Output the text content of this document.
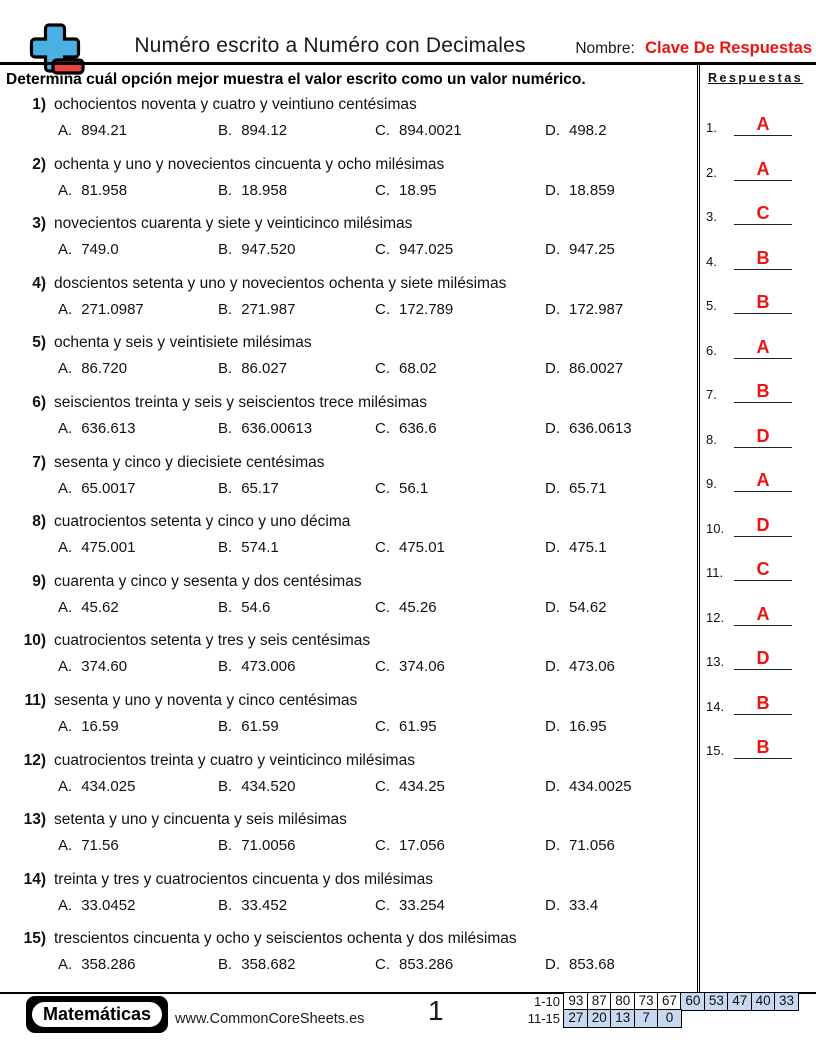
Numéro escrito a Numéro con Decimales	Nombre: Clave De Respuestas
Determina cuál opción mejor muestra el valor escrito como un valor numérico.
1) ochocientos noventa y cuatro y veintiuno centésimas
A. 894.21	B. 894.12	C. 894.0021	D. 498.2
2) ochenta y uno y novecientos cincuenta y ocho milésimas
A. 81.958	B. 18.958	C. 18.95	D. 18.859
3) novecientos cuarenta y siete y veinticinco milésimas
A. 749.0	B. 947.520	C. 947.025	D. 947.25
4) doscientos setenta y uno y novecientos ochenta y siete milésimas
A. 271.0987	B. 271.987	C. 172.789	D. 172.987
5) ochenta y seis y veintisiete milésimas
A. 86.720	B. 86.027	C. 68.02	D. 86.0027
6) seiscientos treinta y seis y seiscientos trece milésimas
A. 636.613	B. 636.00613	C. 636.6	D. 636.0613
7) sesenta y cinco y diecisiete centésimas
A. 65.0017	B. 65.17	C. 56.1	D. 65.71
8) cuatrocientos setenta y cinco y uno décima
A. 475.001	B. 574.1	C. 475.01	D. 475.1
9) cuarenta y cinco y sesenta y dos centésimas
A. 45.62	B. 54.6	C. 45.26	D. 54.62
10) cuatrocientos setenta y tres y seis centésimas
A. 374.60	B. 473.006	C. 374.06	D. 473.06
11) sesenta y uno y noventa y cinco centésimas
A. 16.59	B. 61.59	C. 61.95	D. 16.95
12) cuatrocientos treinta y cuatro y veinticinco milésimas
A. 434.025	B. 434.520	C. 434.25	D. 434.0025
13) setenta y uno y cincuenta y seis milésimas
A. 71.56	B. 71.0056	C. 17.056	D. 71.056
14) treinta y tres y cuatrocientos cincuenta y dos milésimas
A. 33.0452	B. 33.452	C. 33.254	D. 33.4
15) trescientos cincuenta y ocho y seiscientos ochenta y dos milésimas
A. 358.286	B. 358.682	C. 853.286	D. 853.68
Respuestas
1.	A
2.	A
3.	C
4.	B
5.	B
6.	A
7.	B
8.	D
9.	A
10.	D
11.	C
12.	A
13.	D
14.	B
15.	B
Matemáticas	www.CommonCoreSheets.es 1	1-10 93 87 80 73 67 60 53 47 40 33
11-15 27 20 13 7	0
